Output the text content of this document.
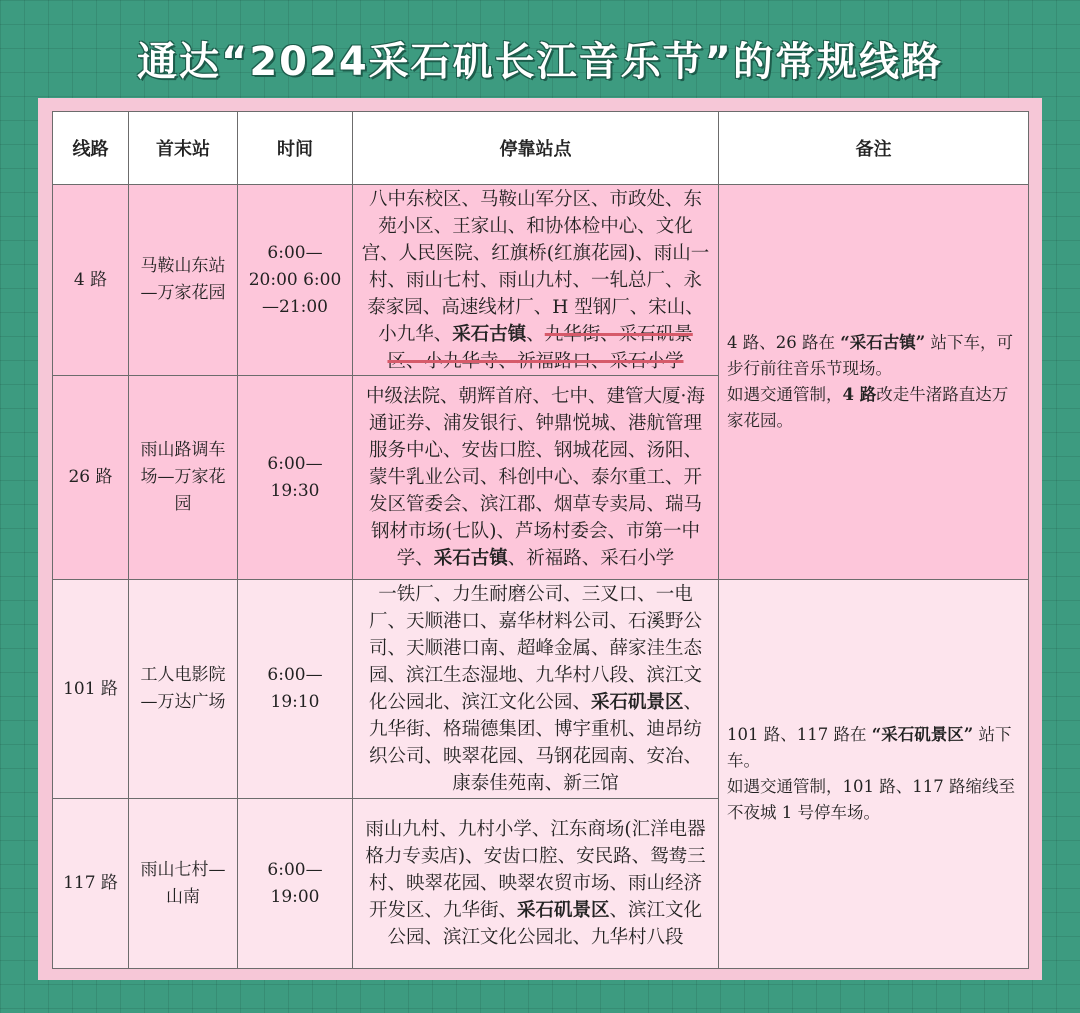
通达“2024采石矶长江音乐节”的常规线路
线路	首末站	时间	停靠站点	备注
4 路	马鞍山东站—万家花园	6:00—20:00 6:00—21:00	八中东校区、马鞍山军分区、市政处、东苑小区、王家山、和协体检中心、文化宫、人民医院、红旗桥(红旗花园)、雨山一村、雨山七村、雨山九村、一轧总厂、永泰家园、高速线材厂、H 型钢厂、宋山、小九华、采石古镇、九华街、采石矶景区、小九华寺、祈福路口、采石小学	4 路、26 路在 “采石古镇” 站下车，可步行前往音乐节现场。
如遇交通管制，4 路改走牛渚路直达万家花园。
26 路	雨山路调车场—万家花园	6:00—19:30	中级法院、朝辉首府、七中、建管大厦·海通证券、浦发银行、钟鼎悦城、港航管理服务中心、安齿口腔、钢城花园、汤阳、蒙牛乳业公司、科创中心、泰尔重工、开发区管委会、滨江郡、烟草专卖局、瑞马钢材市场(七队)、芦场村委会、市第一中学、采石古镇、祈福路、采石小学	
101 路	工人电影院—万达广场	6:00—19:10	一铁厂、力生耐磨公司、三叉口、一电厂、天顺港口、嘉华材料公司、石溪野公司、天顺港口南、超峰金属、薛家洼生态园、滨江生态湿地、九华村八段、滨江文化公园北、滨江文化公园、采石矶景区、九华街、格瑞德集团、博宇重机、迪昂纺织公司、映翠花园、马钢花园南、安冶、康泰佳苑南、新三馆	101 路、117 路在 “采石矶景区” 站下车。
如遇交通管制，101 路、117 路缩线至不夜城 1 号停车场。
117 路	雨山七村—山南	6:00—19:00	雨山九村、九村小学、江东商场(汇洋电器格力专卖店)、安齿口腔、安民路、鸳鸯三村、映翠花园、映翠农贸市场、雨山经济开发区、九华街、采石矶景区、滨江文化公园、滨江文化公园北、九华村八段	
